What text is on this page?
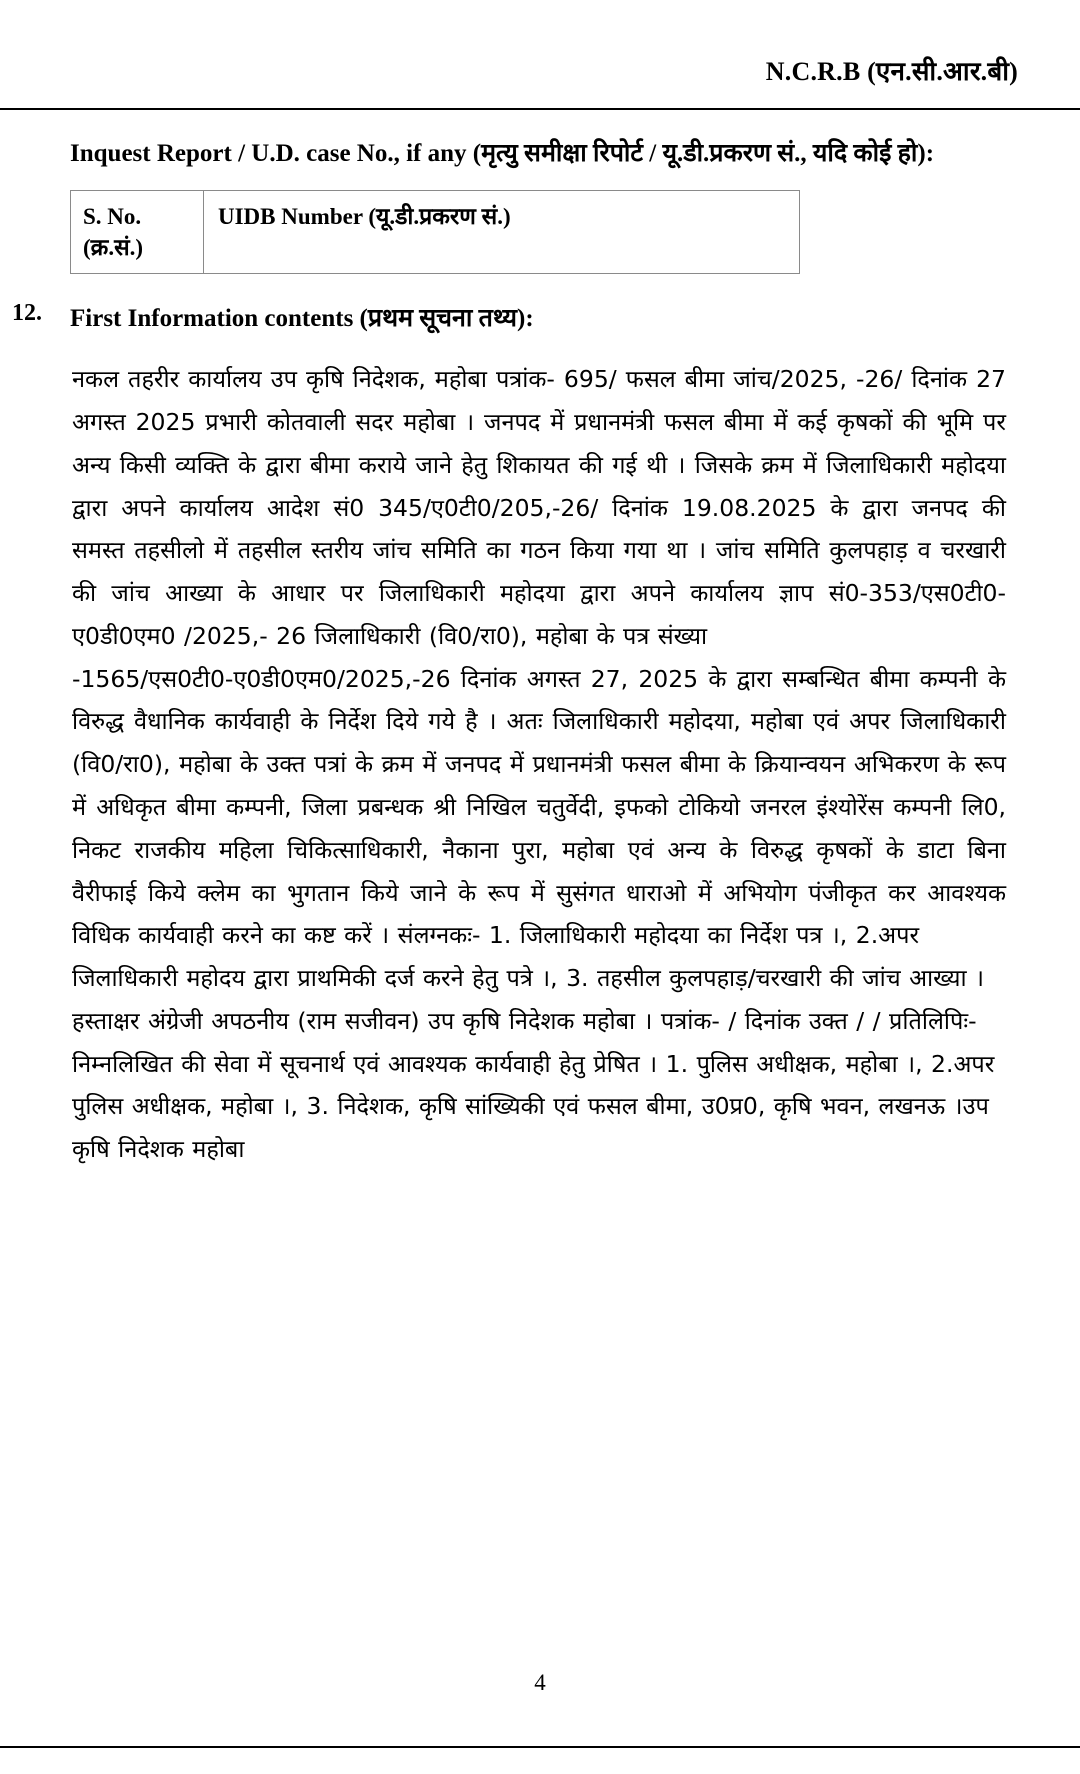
N.C.R.B (एन.सी.आर.बी)
Inquest Report / U.D. case No., if any (मृत्यु समीक्षा रिपोर्ट / यू.डी.प्रकरण सं., यदि कोई हो):
S. No. (क्र.सं.)	UIDB Number (यू.डी.प्रकरण सं.)
12. First Information contents (प्रथम सूचना तथ्य):

नकल तहरीर कार्यालय उप कृषि निदेशक, महोबा पत्रांक- 695/ फसल बीमा जांच/2025, -26/ दिनांक 27 अगस्त 2025 प्रभारी कोतवाली सदर महोबा । जनपद में प्रधानमंत्री फसल बीमा में कई कृषकों की भूमि पर अन्य किसी व्यक्ति के द्वारा बीमा कराये जाने हेतु शिकायत की गई थी । जिसके क्रम में जिलाधिकारी महोदया द्वारा अपने कार्यालय आदेश सं0 345/ए0टी0/205,-26/ दिनांक 19.08.2025 के द्वारा जनपद की समस्त तहसीलो में तहसील स्तरीय जांच समिति का गठन किया गया था । जांच समिति कुलपहाड़ व चरखारी की जांच आख्या के आधार पर जिलाधिकारी महोदया द्वारा अपने कार्यालय ज्ञाप सं0-353/एस0टी0- ए0डी0एम0 /2025,- 26 जिलाधिकारी (वि0/रा0), महोबा के पत्र संख्या

-1565/एस0टी0-ए0डी0एम0/2025,-26 दिनांक अगस्त 27, 2025 के द्वारा सम्बन्धित बीमा कम्पनी के विरुद्ध वैधानिक कार्यवाही के निर्देश दिये गये है । अतः जिलाधिकारी महोदया, महोबा एवं अपर जिलाधिकारी (वि0/रा0), महोबा के उक्त पत्रां के क्रम में जनपद में प्रधानमंत्री फसल बीमा के क्रियान्वयन अभिकरण के रूप में अधिकृत बीमा कम्पनी, जिला प्रबन्धक श्री निखिल चतुर्वेदी, इफको टोकियो जनरल इंश्योरेंस कम्पनी लि0, निकट राजकीय महिला चिकित्साधिकारी, नैकाना पुरा, महोबा एवं अन्य के विरुद्ध कृषकों के डाटा बिना वैरीफाई किये क्लेम का भुगतान किये जाने के रूप में सुसंगत धाराओ में अभियोग पंजीकृत कर आवश्यक विधिक कार्यवाही करने का कष्ट करें । संलग्नकः- 1. जिलाधिकारी महोदया का निर्देश पत्र ।, 2.अपर

जिलाधिकारी महोदय द्वारा प्राथमिकी दर्ज करने हेतु पत्रे ।, 3. तहसील कुलपहाड़/चरखारी की जांच आख्या । हस्ताक्षर अंग्रेजी अपठनीय (राम सजीवन) उप कृषि निदेशक महोबा । पत्रांक- / दिनांक उक्त / / प्रतिलिपिः-

निम्नलिखित की सेवा में सूचनार्थ एवं आवश्यक कार्यवाही हेतु प्रेषित । 1. पुलिस अधीक्षक, महोबा ।, 2.अपर पुलिस अधीक्षक, महोबा ।, 3. निदेशक, कृषि सांख्यिकी एवं फसल बीमा, उ0प्र0, कृषि भवन, लखनऊ ।उप कृषि निदेशक महोबा

4
